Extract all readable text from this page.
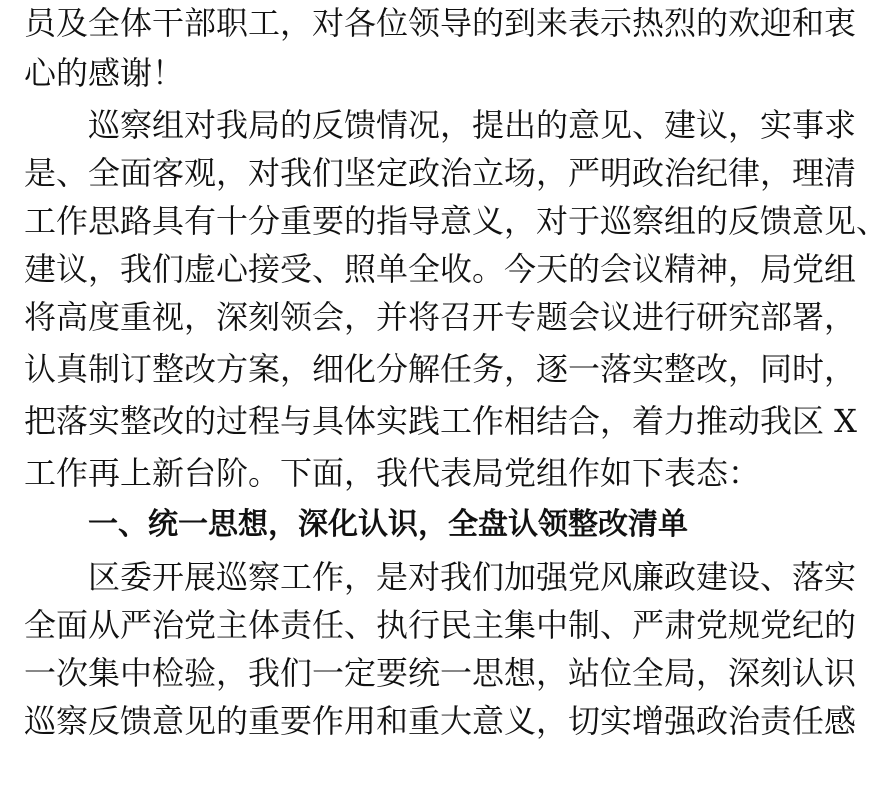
员及全体干部职工，对各位领导的到来表示热烈的欢迎和衷
心的感谢！
巡察组对我局的反馈情况，提出的意见、建议，实事求
是、全面客观，对我们坚定政治立场，严明政治纪律，理清
工作思路具有十分重要的指导意义，对于巡察组的反馈意见、
建议，我们虚心接受、照单全收。今天的会议精神，局党组
将高度重视，深刻领会，并将召开专题会议进行研究部署，
认真制订整改方案，细化分解任务，逐一落实整改，同时，
把落实整改的过程与具体实践工作相结合，着力推动我区 X
工作再上新台阶。下面，我代表局党组作如下表态：
一、统一思想，深化认识，全盘认领整改清单
区委开展巡察工作，是对我们加强党风廉政建设、落实
全面从严治党主体责任、执行民主集中制、严肃党规党纪的
一次集中检验，我们一定要统一思想，站位全局，深刻认识
巡察反馈意见的重要作用和重大意义，切实增强政治责任感
